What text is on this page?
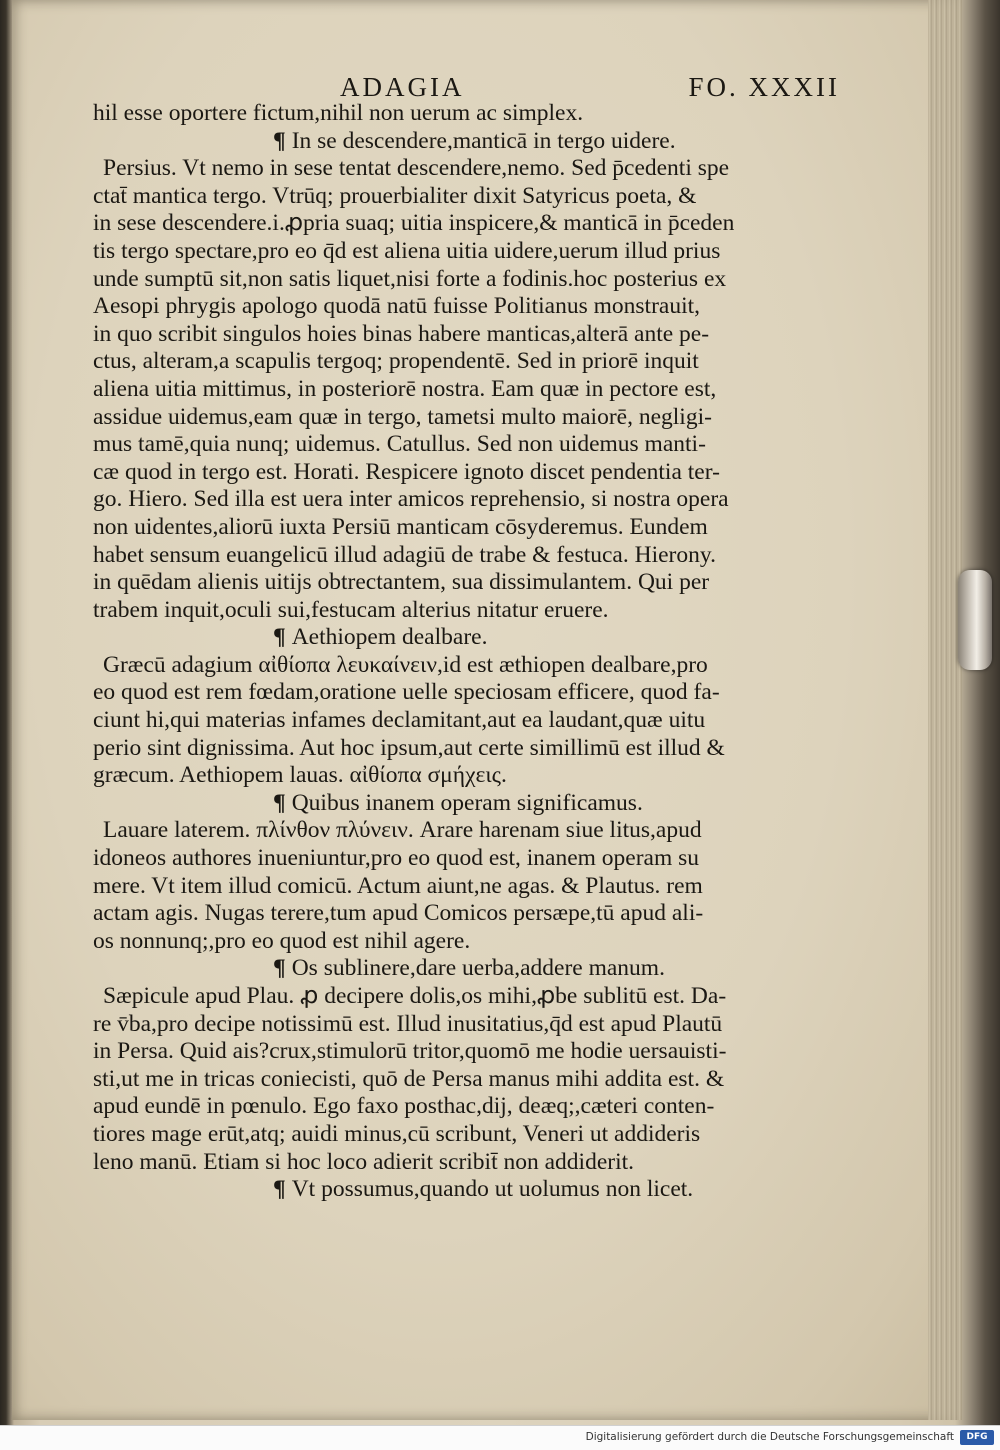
ADAGIA	FO. XXXII
hil esse oportere fictum,nihil non uerum ac simplex.
¶ In se descendere,manticā in tergo uidere.
Persius. Vt nemo in sese tentat descendere,nemo. Sed p̄cedenti spe
ctat̄ mantica tergo. Vtrūq; prouerbialiter dixit Satyricus poeta, &
in sese descendere.i.ꝓpria suaq; uitia inspicere,& manticā in p̄ceden
tis tergo spectare,pro eo q̄d est aliena uitia uidere,uerum illud prius
unde sumptū sit,non satis liquet,nisi forte a fodinis.hoc posterius ex
Aesopi phrygis apologo quodā natū fuisse Politianus monstrauit,
in quo scribit singulos hoies binas habere manticas,alterā ante pe-
ctus, alteram,a scapulis tergoq; propendentē. Sed in priorē inquit
aliena uitia mittimus, in posteriorē nostra. Eam quæ in pectore est,
assidue uidemus,eam quæ in tergo, tametsi multo maiorē, negligi-
mus tamē,quia nunq; uidemus. Catullus. Sed non uidemus manti-
cæ quod in tergo est. Horati. Respicere ignoto discet pendentia ter-
go. Hiero. Sed illa est uera inter amicos reprehensio, si nostra opera
non uidentes,aliorū iuxta Persiū manticam cōsyderemus. Eundem
habet sensum euangelicū illud adagiū de trabe & festuca. Hierony.
in quēdam alienis uitijs obtrectantem, sua dissimulantem. Qui per
trabem inquit,oculi sui,festucam alterius nitatur eruere.
¶ Aethiopem dealbare.
Græcū adagium αἰθίοπα λευκαίνειν,id est æthiopen dealbare,pro
eo quod est rem fœdam,oratione uelle speciosam efficere, quod fa-
ciunt hi,qui materias infames declamitant,aut ea laudant,quæ uitu
perio sint dignissima. Aut hoc ipsum,aut certe simillimū est illud &
græcum. Aethiopem lauas. αἰθίοπα σμήχεις.
¶ Quibus inanem operam significamus.
Lauare laterem. πλίνθον πλύνειν. Arare harenam siue litus,apud
idoneos authores inueniuntur,pro eo quod est, inanem operam su
mere. Vt item illud comicū. Actum aiunt,ne agas. & Plautus. rem
actam agis. Nugas terere,tum apud Comicos persæpe,tū apud ali-
os nonnunq;,pro eo quod est nihil agere.
¶ Os sublinere,dare uerba,addere manum.
Sæpicule apud Plau. ꝓ decipere dolis,os mihi,ꝓbe sublitū est. Da-
re v̄ba,pro decipe notissimū est. Illud inusitatius,q̄d est apud Plautū
in Persa. Quid ais?crux,stimulorū tritor,quomō me hodie uersauisti-
sti,ut me in tricas coniecisti, quō de Persa manus mihi addita est. &
apud eundē in pœnulo. Ego faxo posthac,dij, deæq;,cæteri conten-
tiores mage erūt,atq; auidi minus,cū scribunt, Veneri ut addideris
leno manū. Etiam si hoc loco adierit scribit̄ non addiderit.
¶ Vt possumus,quando ut uolumus non licet.
Digitalisierung gefördert durch die Deutsche Forschungsgemeinschaft	DFG
